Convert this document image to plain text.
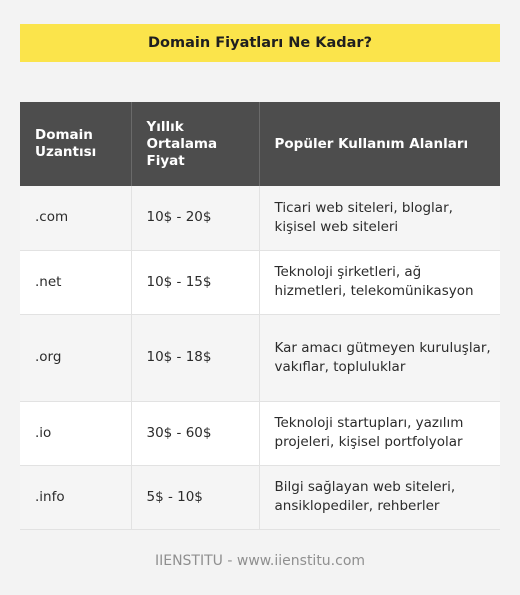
Domain Fiyatları Ne Kadar?
Domain Uzantısı	Yıllık Ortalama Fiyat	Popüler Kullanım Alanları
.com	10$ - 20$	Ticari web siteleri, bloglar, kişisel web siteleri
.net	10$ - 15$	Teknoloji şirketleri, ağ hizmetleri, telekomünikasyon
.org	10$ - 18$	Kar amacı gütmeyen kuruluşlar, vakıflar, topluluklar
.io	30$ - 60$	Teknoloji startupları, yazılım projeleri, kişisel portfolyolar
.info	5$ - 10$	Bilgi sağlayan web siteleri, ansiklopediler, rehberler
IIENSTITU - www.iienstitu.com
